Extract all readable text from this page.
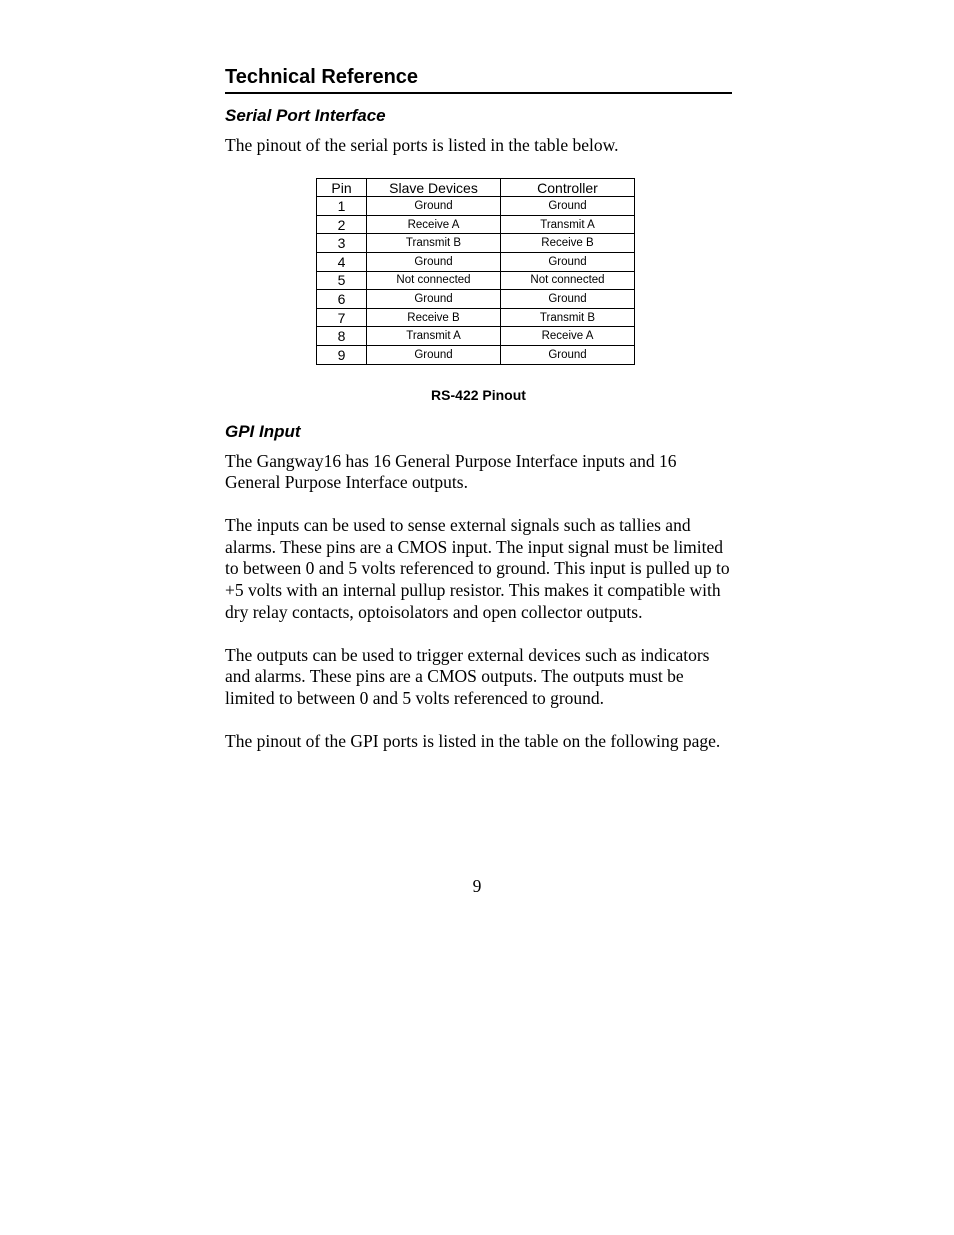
Technical Reference
Serial Port Interface

The pinout of the serial ports is listed in the table below.

Pin	Slave Devices	Controller
1	Ground	Ground
2	Receive A	Transmit A
3	Transmit B	Receive B
4	Ground	Ground
5	Not connected	Not connected
6	Ground	Ground
7	Receive B	Transmit B
8	Transmit A	Receive A
9	Ground	Ground
RS-422 Pinout
GPI Input

The Gangway16 has 16 General Purpose Interface inputs and 16 General Purpose Interface outputs.

The inputs can be used to sense external signals such as tallies and alarms. These pins are a CMOS input. The input signal must be limited to between 0 and 5 volts referenced to ground. This input is pulled up to +5 volts with an internal pullup resistor. This makes it compatible with dry relay contacts, optoisolators and open collector outputs.

The outputs can be used to trigger external devices such as indicators and alarms. These pins are a CMOS outputs. The outputs must be limited to between 0 and 5 volts referenced to ground.

The pinout of the GPI ports is listed in the table on the following page.

9
